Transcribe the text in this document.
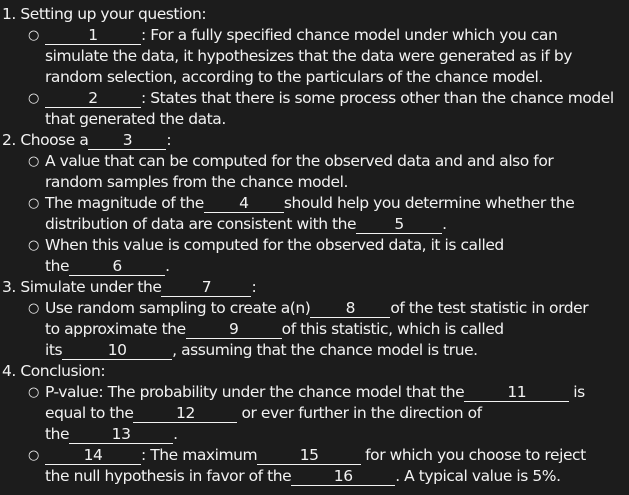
1. Setting up your question:
○	1	: For a fully specified chance model under which you can
simulate the data, it hypothesizes that the data were generated as if by
random selection, according to the particulars of the chance model.
○	2	: States that there is some process other than the chance model
that generated the data.
2. Choose a 3 :
○ A value that can be computed for the observed data and and also for
random samples from the chance model.
○ The magnitude of the 4 should help you determine whether the
distribution of data are consistent with the 5 .
○ When this value is computed for the observed data, it is called
the	6	.
3. Simulate under the	7	:
○ Use random sampling to create a(n) 8 of the test statistic in order
to approximate the	9	of this statistic, which is called
its	10	, assuming that the chance model is true.
4. Conclusion:
○ P-value: The probability under the chance model that the	11	is
equal to the	12	or ever further in the direction of
the	13	.
○	14 : The maximum	15	for which you choose to reject
the null hypothesis in favor of the	16	. A typical value is 5%.
